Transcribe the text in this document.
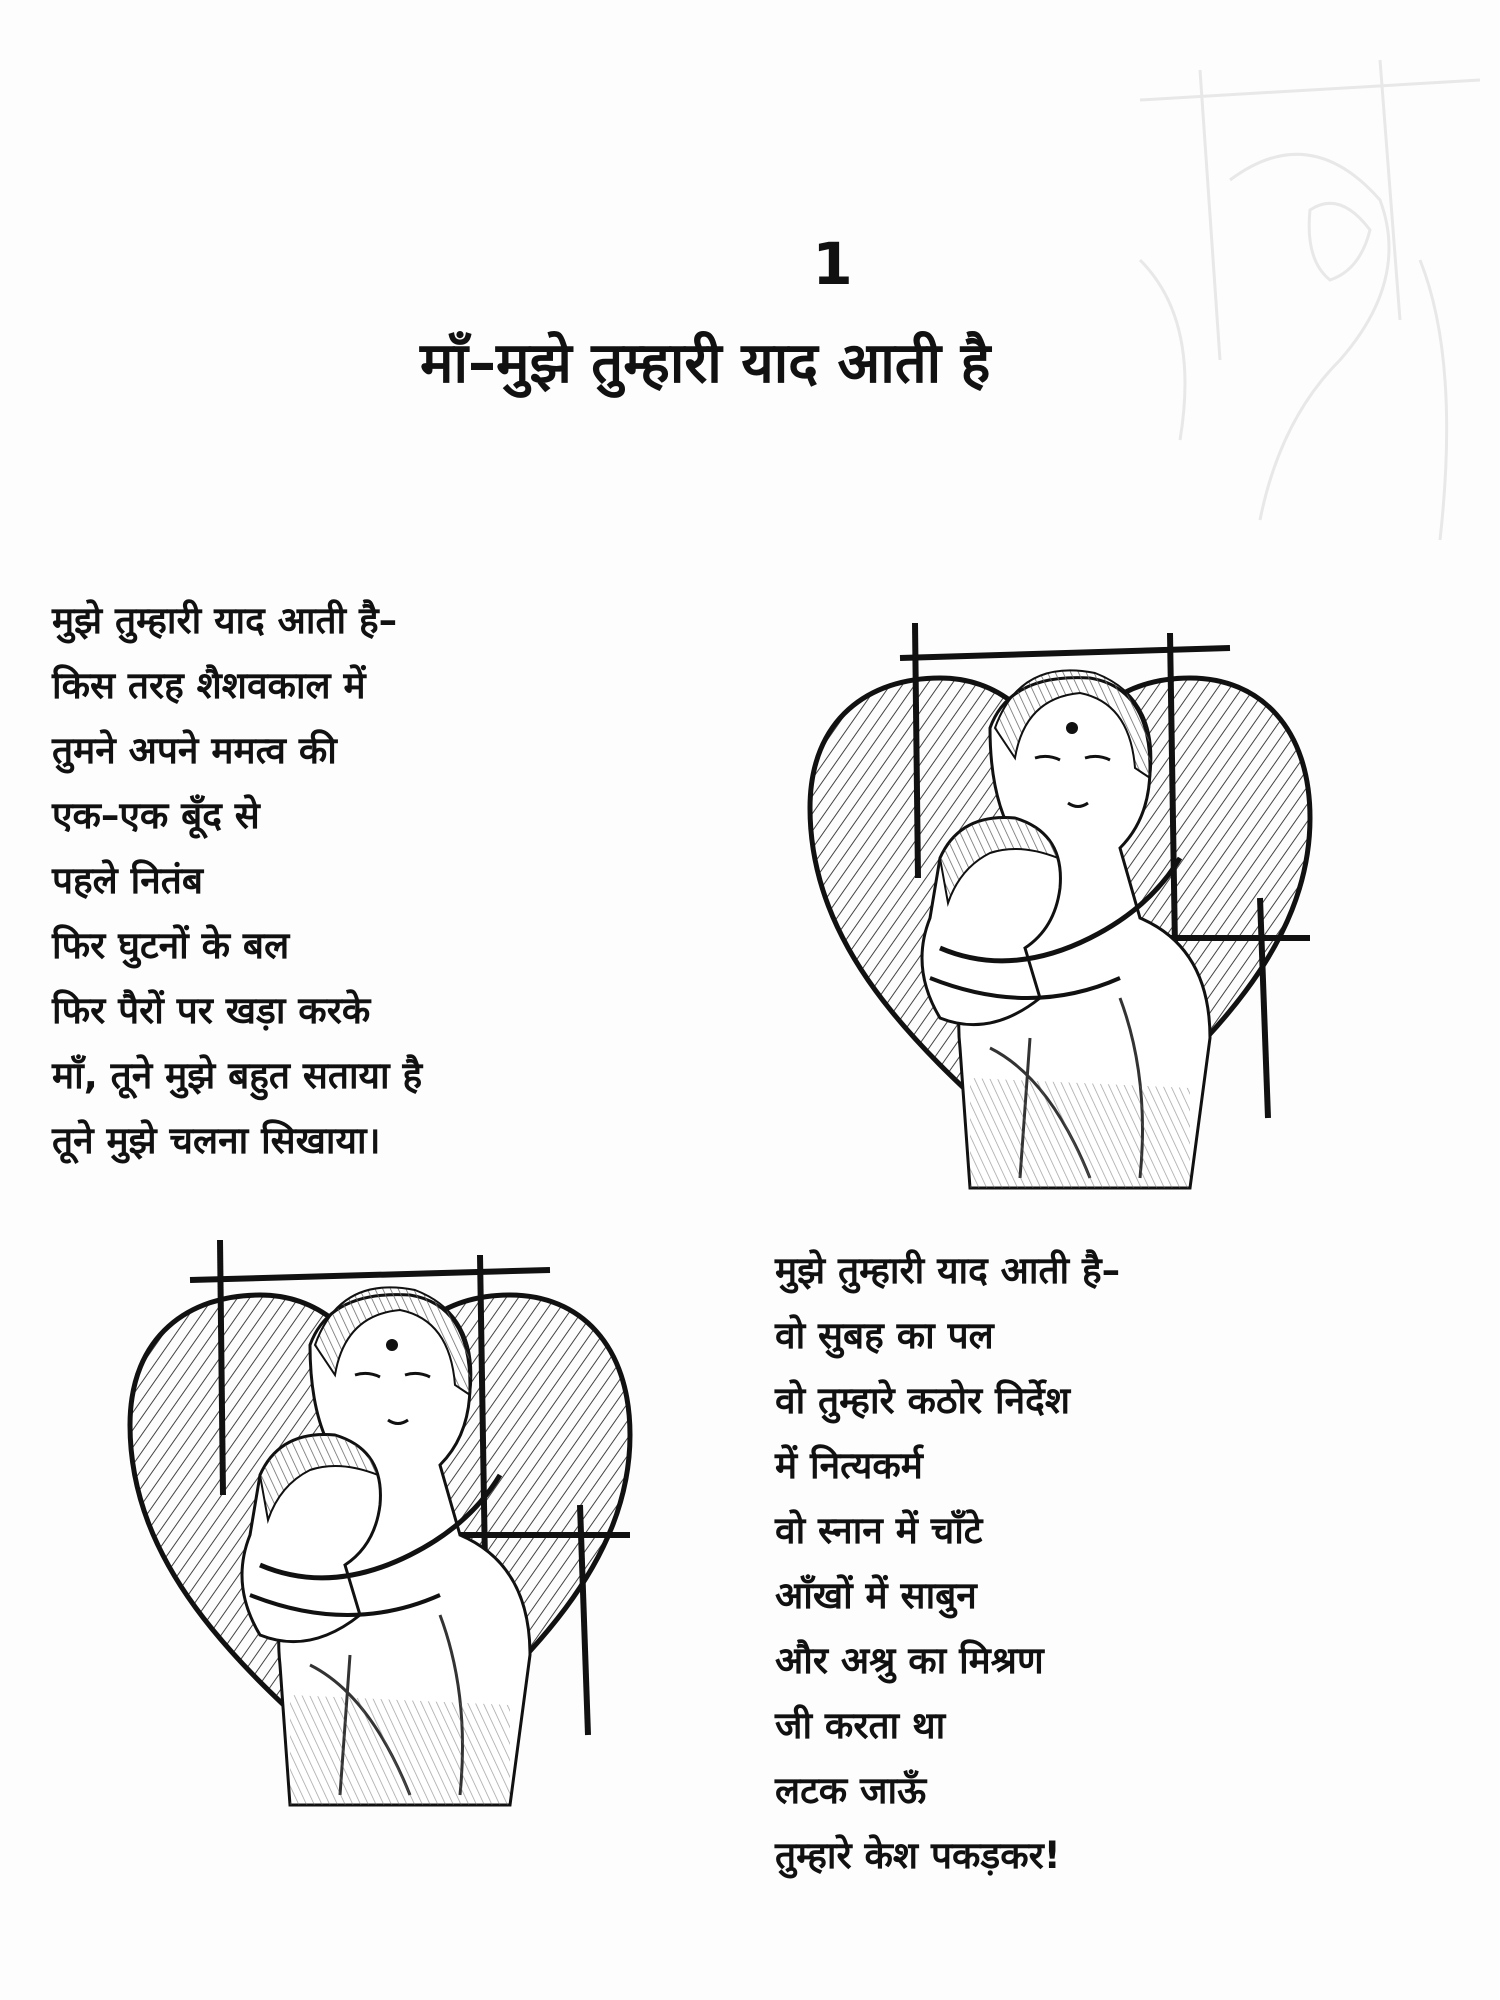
1
माँ–मुझे तुम्हारी याद आती है
मुझे तुम्हारी याद आती है–
किस तरह शैशवकाल में
तुमने अपने ममत्व की
एक–एक बूँद से
पहले नितंब
फिर घुटनों के बल
फिर पैरों पर खड़ा करके
माँ, तूने मुझे बहुत सताया है
तूने मुझे चलना सिखाया।
मुझे तुम्हारी याद आती है–
वो सुबह का पल
वो तुम्हारे कठोर निर्देश
में नित्यकर्म
वो स्नान में चाँटे
आँखों में साबुन
और अश्रु का मिश्रण
जी करता था
लटक जाऊँ
तुम्हारे केश पकड़कर!
